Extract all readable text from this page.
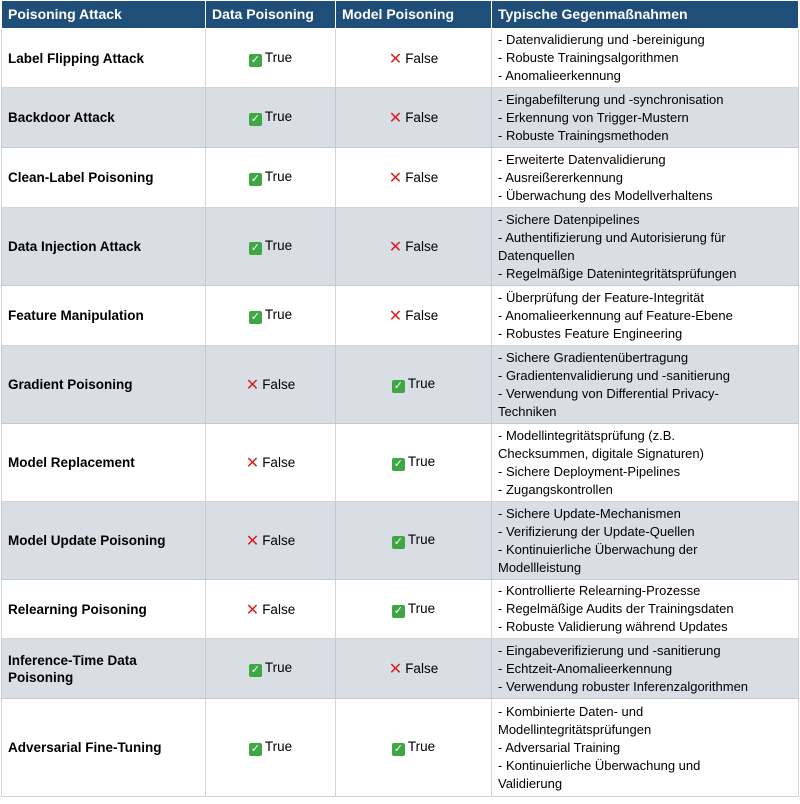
Poisoning Attack	Data Poisoning	Model Poisoning	Typische Gegenmaßnahmen
Label Flipping Attack	✓ True	✕ False	- Datenvalidierung und -bereinigung
- Robuste Trainingsalgorithmen
- Anomalieerkennung

Backdoor Attack	✓ True	✕ False	- Eingabefilterung und -synchronisation
- Erkennung von Trigger-Mustern
- Robuste Trainingsmethoden

Clean-Label Poisoning	✓ True	✕ False	- Erweiterte Datenvalidierung
- Ausreißererkennung
- Überwachung des Modellverhaltens

Data Injection Attack	✓ True	✕ False	- Sichere Datenpipelines
- Authentifizierung und Autorisierung für
Datenquellen
- Regelmäßige Datenintegritätsprüfungen

Feature Manipulation	✓ True	✕ False	- Überprüfung der Feature-Integrität
- Anomalieerkennung auf Feature-Ebene
- Robustes Feature Engineering

Gradient Poisoning	✕ False	✓ True	- Sichere Gradientenübertragung
- Gradientenvalidierung und -sanitierung
- Verwendung von Differential Privacy-
Techniken

Model Replacement	✕ False	✓ True	- Modellintegritätsprüfung (z.B.
Checksummen, digitale Signaturen)
- Sichere Deployment-Pipelines
- Zugangskontrollen

Model Update Poisoning	✕ False	✓ True	- Sichere Update-Mechanismen
- Verifizierung der Update-Quellen
- Kontinuierliche Überwachung der
Modellleistung

Relearning Poisoning	✕ False	✓ True	- Kontrollierte Relearning-Prozesse
- Regelmäßige Audits der Trainingsdaten
- Robuste Validierung während Updates

Inference-Time Data Poisoning	✓ True	✕ False	- Eingabeverifizierung und -sanitierung
- Echtzeit-Anomalieerkennung
- Verwendung robuster Inferenzalgorithmen

Adversarial Fine-Tuning	✓ True	✓ True	- Kombinierte Daten- und
Modellintegritätsprüfungen
- Adversarial Training
- Kontinuierliche Überwachung und
Validierung
